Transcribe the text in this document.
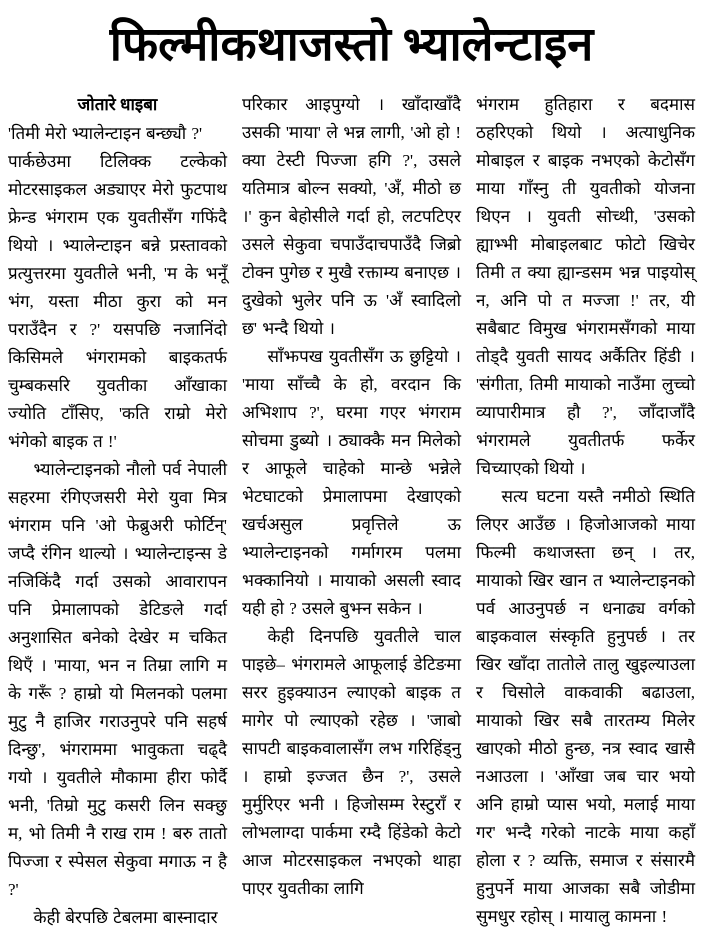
फिल्मीकथाजस्तो भ्यालेन्टाइन

जोतारे धाइबा

'तिमी मेरो भ्यालेन्टाइन बन्छ्यौ ?'

पार्कछेउमा टिलिक्क टल्केको मोटरसाइकल अड्याएर मेरो फुटपाथ फ्रेन्ड भंगराम एक युवतीसँग गफिंदै थियो । भ्यालेन्टाइन बन्ने प्रस्तावको प्रत्युत्तरमा युवतीले भनी, 'म के भनूँ भंग, यस्ता मीठा कुरा को मन पराउँदैन र ?' यसपछि नजानिंदो किसिमले भंगरामको बाइकतर्फ चुम्बकसरि युवतीका आँखाका ज्योति टाँसिए, 'कति राम्रो मेरो भंगेको बाइक त !'

भ्यालेन्टाइनको नौलो पर्व नेपाली सहरमा रंगिएजसरी मेरो युवा मित्र भंगराम पनि 'ओ फेब्रुअरी फोर्टिन्' जप्दै रंगिन थाल्यो । भ्यालेन्टाइन्स डे नजिकिंदै गर्दा उसको आवारापन पनि प्रेमालापको डेटिङले गर्दा अनुशासित बनेको देखेर म चकित थिएँ । 'माया, भन न तिम्रा लागि म के गरूँ ? हाम्रो यो मिलनको पलमा मुटु नै हाजिर गराउनुपरे पनि सहर्ष दिन्छु', भंगराममा भावुकता चढ्दै गयो । युवतीले मौकामा हीरा फोर्दै भनी, 'तिम्रो मुटु कसरी लिन सक्छु म, भो तिमी नै राख राम ! बरु तातो पिज्जा र स्पेसल सेकुवा मगाऊ न है ?'

केही बेरपछि टेबलमा बास्नादार

परिकार आइपुग्यो । खाँदाखाँदै उसकी 'माया' ले भन्न लागी, 'ओ हो ! क्या टेस्टी पिज्जा हगि ?', उसले यतिमात्र बोल्न सक्यो, 'अँ, मीठो छ ।' कुन बेहोसीले गर्दा हो, लटपटिएर उसले सेकुवा चपाउँदाचपाउँदै जिब्रो टोक्न पुगेछ र मुखै रक्ताम्य बनाएछ । दुखेको भुलेर पनि ऊ 'अँ स्वादिलो छ' भन्दै थियो ।

साँझपख युवतीसँग ऊ छुट्टियो । 'माया साँच्चै के हो, वरदान कि अभिशाप ?', घरमा गएर भंगराम सोचमा डुब्यो । ठ्याक्कै मन मिलेको र आफूले चाहेको मान्छे भन्नेले भेटघाटको प्रेमालापमा देखाएको खर्चअसुल प्रवृत्तिले ऊ भ्यालेन्टाइनको गर्मागरम पलमा भक्कानियो । मायाको असली स्वाद यही हो ? उसले बुझ्न सकेन ।

केही दिनपछि युवतीले चाल पाइछे– भंगरामले आफूलाई डेटिङमा सरर हुइक्याउन ल्याएको बाइक त मागेर पो ल्याएको रहेछ । 'जाबो सापटी बाइकवालासँग लभ गरिहिंड्नु । हाम्रो इज्जत छैन ?', उसले मुर्मुरिएर भनी । हिजोसम्म रेस्टुराँ र लोभलाग्दा पार्कमा रम्दै हिंडेको केटो आज मोटरसाइकल नभएको थाहा पाएर युवतीका लागि

भंगराम हुतिहारा र बदमास ठहरिएको थियो । अत्याधुनिक मोबाइल र बाइक नभएको केटोसँग माया गाँस्नु ती युवतीको योजना थिएन । युवती सोच्थी, 'उसको ह्याभ्भी मोबाइलबाट फोटो खिचेर तिमी त क्या ह्यान्डसम भन्न पाइयोस् न, अनि पो त मज्जा !' तर, यी सबैबाट विमुख भंगरामसँगको माया तोड्दै युवती सायद अर्कैतिर हिंडी । 'संगीता, तिमी मायाको नाउँमा लुच्चो व्यापारीमात्र हौ ?', जाँदाजाँदै भंगरामले युवतीतर्फ फर्केर चिच्याएको थियो ।

सत्य घटना यस्तै नमीठो स्थिति लिएर आउँछ । हिजोआजको माया फिल्मी कथाजस्ता छन् । तर, मायाको खिर खान त भ्यालेन्टाइनको पर्व आउनुपर्छ न धनाढ्य वर्गको बाइकवाल संस्कृति हुनुपर्छ । तर खिर खाँदा तातोले तालु खुइल्याउला र चिसोले वाकवाकी बढाउला, मायाको खिर सबै तारतम्य मिलेर खाएको मीठो हुन्छ, नत्र स्वाद खासै नआउला । 'आँखा जब चार भयो अनि हाम्रो प्यास भयो, मलाई माया गर' भन्दै गरेको नाटके माया कहाँ होला र ? व्यक्ति, समाज र संसारमै हुनुपर्ने माया आजका सबै जोडीमा सुमधुर रहोस् । मायालु कामना !
